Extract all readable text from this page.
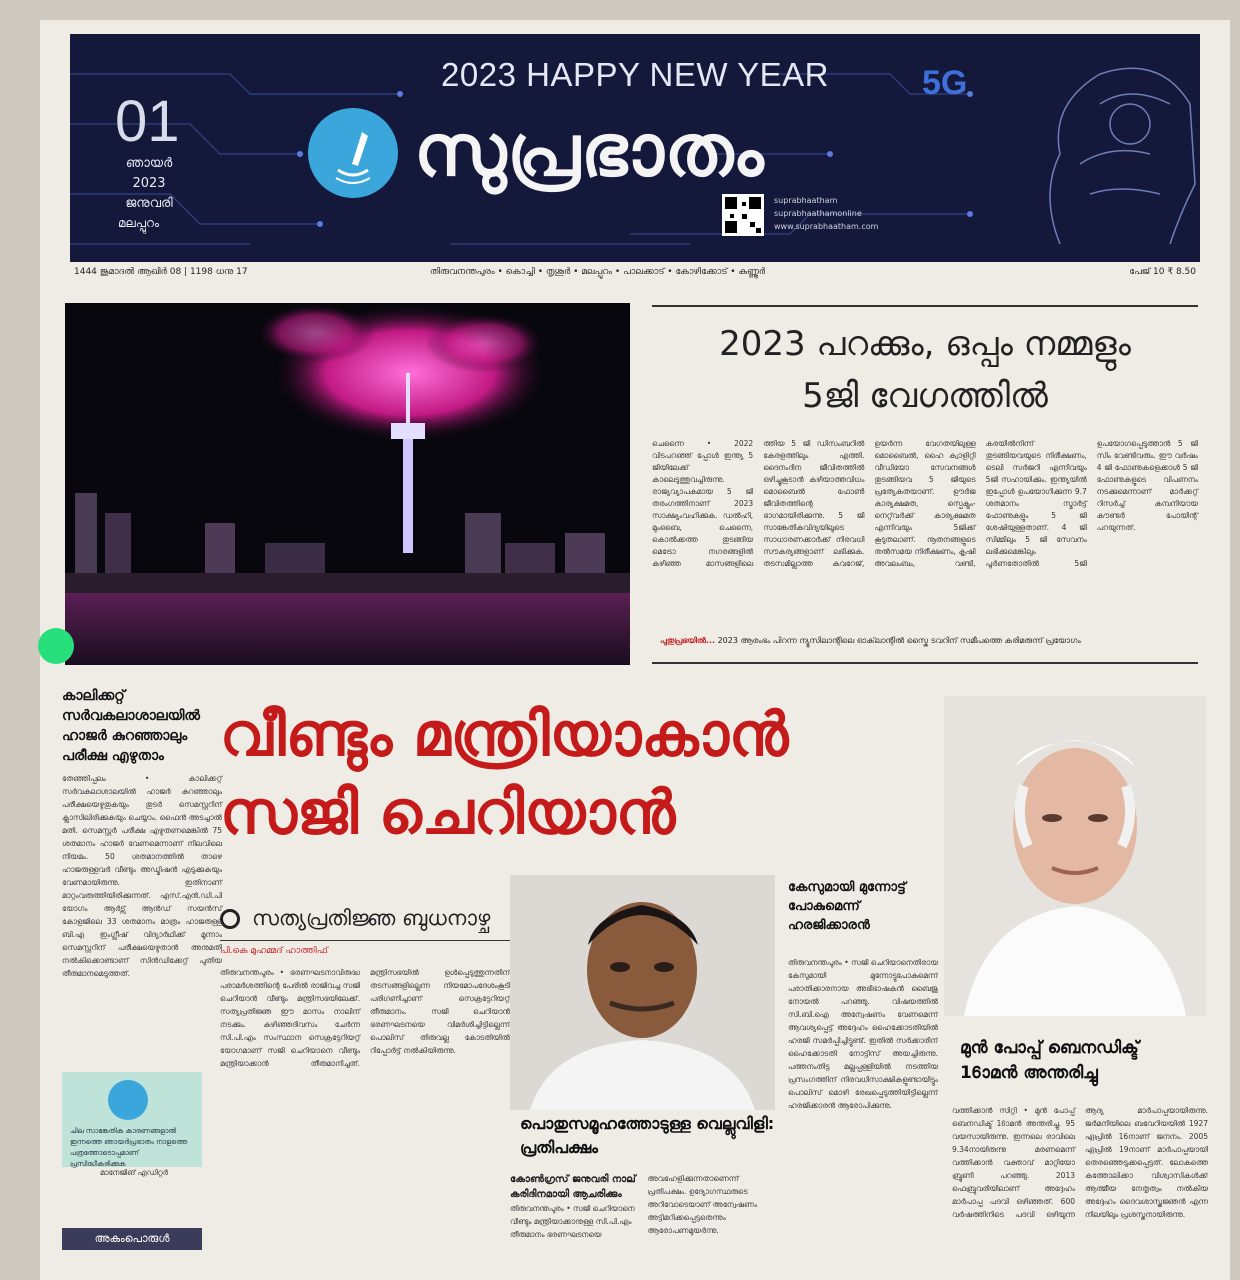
2023 HAPPY NEW YEAR	5G
01
ഞായർ
2023 ജനുവരി
മലപ്പുറം
സുപ്രഭാതം
suprabhaatham
suprabhaathamonline
www.suprabhaatham.com
1444 ജുമാദൽ ആഖിർ 08 | 1198 ധനു 17	തിരുവനന്തപുരം • കൊച്ചി • തൃശൂർ • മലപ്പുറം • പാലക്കാട് • കോഴിക്കോട് • കണ്ണൂർ	പേജ് 10 ₹ 8.50
2023 പറക്കും, ഒപ്പം നമ്മളും
5ജി വേഗത്തിൽ
ചെന്നൈ • 2022 വിടപറഞ്ഞ് പ്പോൾ ഇന്ത്യ 5 ജിയിലേക്ക് കാലെടുത്തുവച്ചിരുന്നു. രാജ്യവ്യാപകമായ 5 ജി തരംഗത്തിനാണ് 2023 സാക്ഷ്യംവഹിക്കുക. ഡൽഹി, മുംബൈ, ചെന്നൈ, കൊൽക്കത്ത തുടങ്ങിയ മെട്രോ നഗരങ്ങളിൽ കഴിഞ്ഞ മാസങ്ങളിലെ ത്തിയ 5 ജി ഡിസംബറിൽ കേരളത്തിലും എത്തി. ദൈനംദിന ജീവിതത്തിൽ ഒഴിച്ചുകൂടാൻ കഴിയാത്തവിധം മൊബൈൽ ഫോൺ ജീവിതത്തിന്റെ ഭാഗമായിരിക്കുന്നു. 5 ജി സാങ്കേതികവിദ്യയിലൂടെ സാധാരണക്കാർക്ക് നിരവധി സൗകര്യങ്ങളാണ് ലഭിക്കുക. തടസമില്ലാത്ത കവറേജ്, ഉയർന്ന വേഗതയിലുള്ള മൊബൈൽ, ഹൈ ക്വാളിറ്റി വീഡിയോ സേവനങ്ങൾ തുടങ്ങിയവ 5 ജിയുടെ പ്രത്യേകതയാണ്. ഊർജ കാര്യക്ഷമത, സ്പെക്ട്രം-നെറ്റ്‌വർക്ക് കാര്യക്ഷമത എന്നിവയും 5ജിക്ക് കൂടുതലാണ്. നൂതനങ്ങളുടെ തൽസമയ നിരീക്ഷണം, കൃഷി അവലംബം, വണ്ടി, കരയിൽനിന്ന് തുടങ്ങിയവയുടെ നിരീക്ഷണം, ടെലി സർജറി എന്നിവയും 5ജി സഹായിക്കും. ഇന്ത്യയിൽ ഇപ്പോൾ ഉപയോഗിക്കുന്ന 9.7 ശതമാനം സ്മാർട്ട് ഫോണുകളും 5 ജി ശേഷിയുള്ളതാണ്. 4 ജി സിമ്മിലും 5 ജി സേവനം ലഭിക്കുമെങ്കിലും പൂർണതോതിൽ 5ജി ഉപയോഗപ്പെടുത്താൻ 5 ജി സിം വേണ്ടിവരും. ഈ വർഷം 4 ജി ഫോണുകളെക്കാൾ 5 ജി ഫോണുകളുടെ വിപണനം നടക്കുമെന്നാണ് മാർക്കറ്റ് റിസർച്ച് കമ്പനിയായ കൗണ്ടർ പോയിന്റ് പറയുന്നത്.
പുതുപ്രഭയിൽ... 2023 ആരംഭം പിറന്ന ന്യൂസിലാന്റിലെ ഓക്‌ലാന്റിൽ സ്കൈ ടവറിന് സമീപത്തെ കരിമരുന്ന് പ്രയോഗം
കാലിക്കറ്റ് സർവകലാശാലയിൽ ഹാജർ കുറഞ്ഞാലും പരീക്ഷ എഴുതാം
തേഞ്ഞിപ്പലം • കാലിക്കറ്റ് സർവകലാശാലയിൽ ഹാജർ കുറഞ്ഞാലും പരീക്ഷയെഴുതുകയും തുടർ സെമസ്റ്ററിന് ക്ലാസിലിരിക്കുകയും ചെയ്യാം. ഫൈൻ അടച്ചാൽ മതി. സെമസ്റ്റർ പരീക്ഷ എഴുതണമെങ്കിൽ 75 ശതമാനം ഹാജർ വേണമെന്നാണ് നിലവിലെ നിയമം. 50 ശതമാനത്തിൽ താഴെ ഹാജരുള്ളവർ വീണ്ടും അഡ്മിഷൻ എടുക്കുകയും വേണമായിരുന്നു. ഇതിനാണ് മാറ്റംവരുത്തിയിരിക്കുന്നത്. എസ്.എൻ.ഡി.പി യോഗം ആർട്സ് ആൻഡ് സയൻസ് കോളജിലെ 33 ശതമാനം മാത്രം ഹാജരുള്ള ബി.എ ഇംഗ്ലീഷ് വിദ്യാർഥിക്ക് മൂന്നാം സെമസ്റ്ററിന് പരീക്ഷയെഴുതാൻ അനുമതി നൽകിക്കൊണ്ടാണ് സിൻഡിക്കേറ്റ് പുതിയ തീരുമാനമെടുത്തത്.
ചില സാങ്കേതിക കാരണങ്ങളാൽ ഇന്നത്തെ ഞായർപ്രഭാതം നാളത്തെ പത്രത്തോടൊപ്പമാണ് പ്രസിദ്ധീകരിക്കുക
മാനേജിങ് എഡിറ്റർ
അകംപൊരുൾ
വീണ്ടും മന്ത്രിയാകാൻ
സജി ചെറിയാൻ
സത്യപ്രതിജ്ഞ ബുധനാഴ്ച
പി.കെ മുഹമ്മദ് ഹാത്തിഫ്
തിരുവനന്തപുരം • ഭരണഘടനാവിരുദ്ധ പരാമർശത്തിന്റെ പേരിൽ രാജിവച്ച സജി ചെറിയാൻ വീണ്ടും മന്ത്രിസഭയിലേക്ക്. സത്യപ്രതിജ്ഞ ഈ മാസം നാലിന് നടക്കും. കഴിഞ്ഞദിവസം ചേർന്ന സി.പി.എം സംസ്ഥാന സെക്രട്ടേറിയറ്റ് യോഗമാണ് സജി ചെറിയാനെ വീണ്ടും മന്ത്രിയാക്കാൻ തീരുമാനിച്ചത്. മന്ത്രിസഭയിൽ ഉൾപ്പെടുത്തുന്നതിന് തടസങ്ങളില്ലെന്ന നിയമോപദേശംകൂടി പരിഗണിച്ചാണ് സെക്രട്ടേറിയറ്റ് തീരുമാനം. സജി ചെറിയാൻ ഭരണഘടനയെ വിമർശിച്ചിട്ടില്ലെന്ന് പൊലിസ് തിരുവല്ല കോടതിയിൽ റിപ്പോർട്ട് നൽകിയിരുന്നു.
പൊതുസമൂഹത്തോടുള്ള വെല്ലുവിളി: പ്രതിപക്ഷം
കോൺഗ്രസ് ജനുവരി നാല് കരിദിനമായി ആചരിക്കും
തിരുവനന്തപുരം • സജി ചെറിയാനെ വീണ്ടും മന്ത്രിയാക്കാനുള്ള സി.പി.എം തീരുമാനം ഭരണഘടനയെ അവഹേളിക്കുന്നതാണെന്ന് പ്രതിപക്ഷം. ഉദ്യോഗസ്ഥരുടെ അറിവോടെയാണ് അന്വേഷണം അട്ടിമറിക്കപ്പെട്ടതെന്നും ആരോപണമുയർന്നു.
കേസുമായി മുന്നോട്ട് പോകുമെന്ന് ഹരജിക്കാരൻ
തിരുവനന്തപുരം • സജി ചെറിയാനെതിരായ കേസുമായി മുന്നോട്ടുപോകുമെന്ന് പരാതിക്കാരനായ അഭിഭാഷകൻ ബൈജു നോയൽ പറഞ്ഞു. വിഷയത്തിൽ സി.ബി.ഐ അന്വേഷണം വേണമെന്ന് ആവശ്യപ്പെട്ട് അദ്ദേഹം ഹൈക്കോടതിയിൽ ഹരജി സമർപ്പിച്ചിട്ടുണ്ട്. ഇതിൽ സർക്കാരിന് ഹൈക്കോടതി നോട്ടിസ് അയച്ചിരുന്നു. പത്തനംതിട്ട മല്ലപ്പള്ളിയിൽ നടത്തിയ പ്രസംഗത്തിന് നിരവധിസാക്ഷികളുണ്ടായിട്ടും പൊലിസ് മൊഴി രേഖപ്പെടുത്തിയിട്ടില്ലെന്ന് ഹരജിക്കാരൻ ആരോപിക്കുന്നു.
മുൻ പോപ്പ് ബെനഡിക്ട് 16ാമൻ അന്തരിച്ചു
വത്തിക്കാൻ സിറ്റി • മുൻ പോപ്പ് ബെനഡിക്ട് 16ാമൻ അന്തരിച്ചു. 95 വയസായിരുന്നു. ഇന്നലെ രാവിലെ 9.34നായിരുന്നു മരണമെന്ന് വത്തിക്കാൻ വക്താവ് മാറ്റിയോ ബ്രൂണി പറഞ്ഞു. 2013 ഫെബ്രുവരിയിലാണ് അദ്ദേഹം മാർപാപ്പ പദവി ഒഴിഞ്ഞത്. 600 വർഷത്തിനിടെ പദവി ഒഴിയുന്ന ആദ്യ മാർപാപ്പയായിരുന്നു. ജർമനിയിലെ ബവേറിയയിൽ 1927 ഏപ്രിൽ 16നാണ് ജനനം. 2005 ഏപ്രിൽ 19നാണ് മാർപാപ്പയായി തെരഞ്ഞെടുക്കപ്പെട്ടത്. ലോകത്തെ കത്തോലിക്കാ വിശ്വാസികൾക്ക് ആത്മീയ നേതൃത്വം നൽകിയ അദ്ദേഹം ദൈവശാസ്ത്രജ്ഞൻ എന്ന നിലയിലും പ്രശസ്തനായിരുന്നു.
